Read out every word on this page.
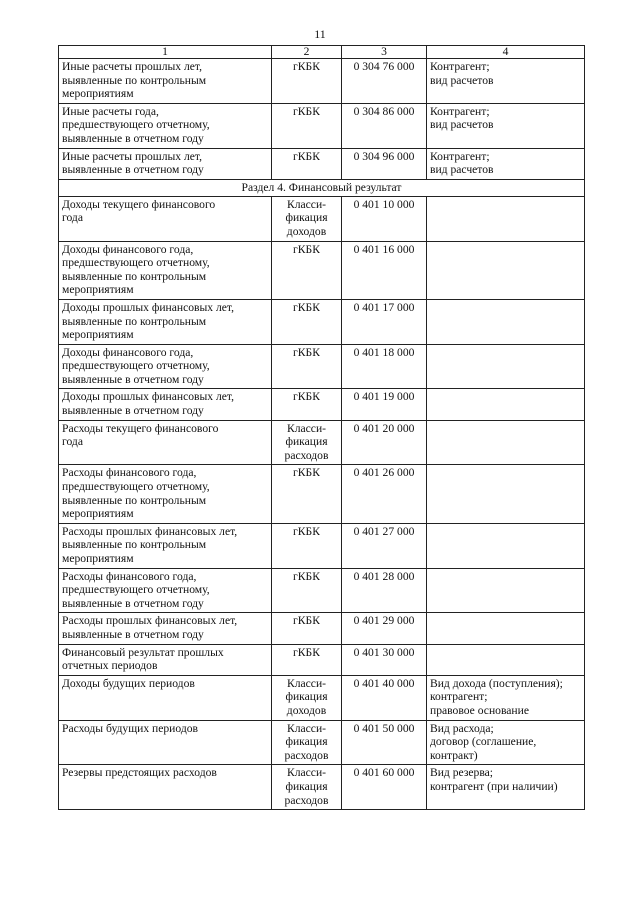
11
1	2	3	4

Иные расчеты прошлых лет,
выявленные по контрольным
мероприятиям	гКБК	0 304 76 000	Контрагент;
вид расчетов

Иные расчеты года,
предшествующего отчетному,
выявленные в отчетном году	гКБК	0 304 86 000	Контрагент;
вид расчетов

Иные расчеты прошлых лет,
выявленные в отчетном году	гКБК	0 304 96 000	Контрагент;
вид расчетов

Раздел 4. Финансовый результат			

Доходы текущего финансового
года	Класси-
фикация
доходов	0 401 10 000	

Доходы финансового года,
предшествующего отчетному,
выявленные по контрольным
мероприятиям	гКБК	0 401 16 000	

Доходы прошлых финансовых лет,
выявленные по контрольным
мероприятиям	гКБК	0 401 17 000	

Доходы финансового года,
предшествующего отчетному,
выявленные в отчетном году	гКБК	0 401 18 000	

Доходы прошлых финансовых лет,
выявленные в отчетном году	гКБК	0 401 19 000	

Расходы текущего финансового
года	Класси-
фикация
расходов	0 401 20 000	

Расходы финансового года,
предшествующего отчетному,
выявленные по контрольным
мероприятиям	гКБК	0 401 26 000	

Расходы прошлых финансовых лет,
выявленные по контрольным
мероприятиям	гКБК	0 401 27 000	

Расходы финансового года,
предшествующего отчетному,
выявленные в отчетном году	гКБК	0 401 28 000	

Расходы прошлых финансовых лет,
выявленные в отчетном году	гКБК	0 401 29 000	

Финансовый результат прошлых
отчетных периодов	гКБК	0 401 30 000	

Доходы будущих периодов	Класси-
фикация
доходов	0 401 40 000	Вид дохода (поступления);
контрагент;
правовое основание

Расходы будущих периодов	Класси-
фикация
расходов	0 401 50 000	Вид расхода;
договор (соглашение, контракт)

Резервы предстоящих расходов	Класси-
фикация
расходов	0 401 60 000	Вид резерва;
контрагент (при наличии)
